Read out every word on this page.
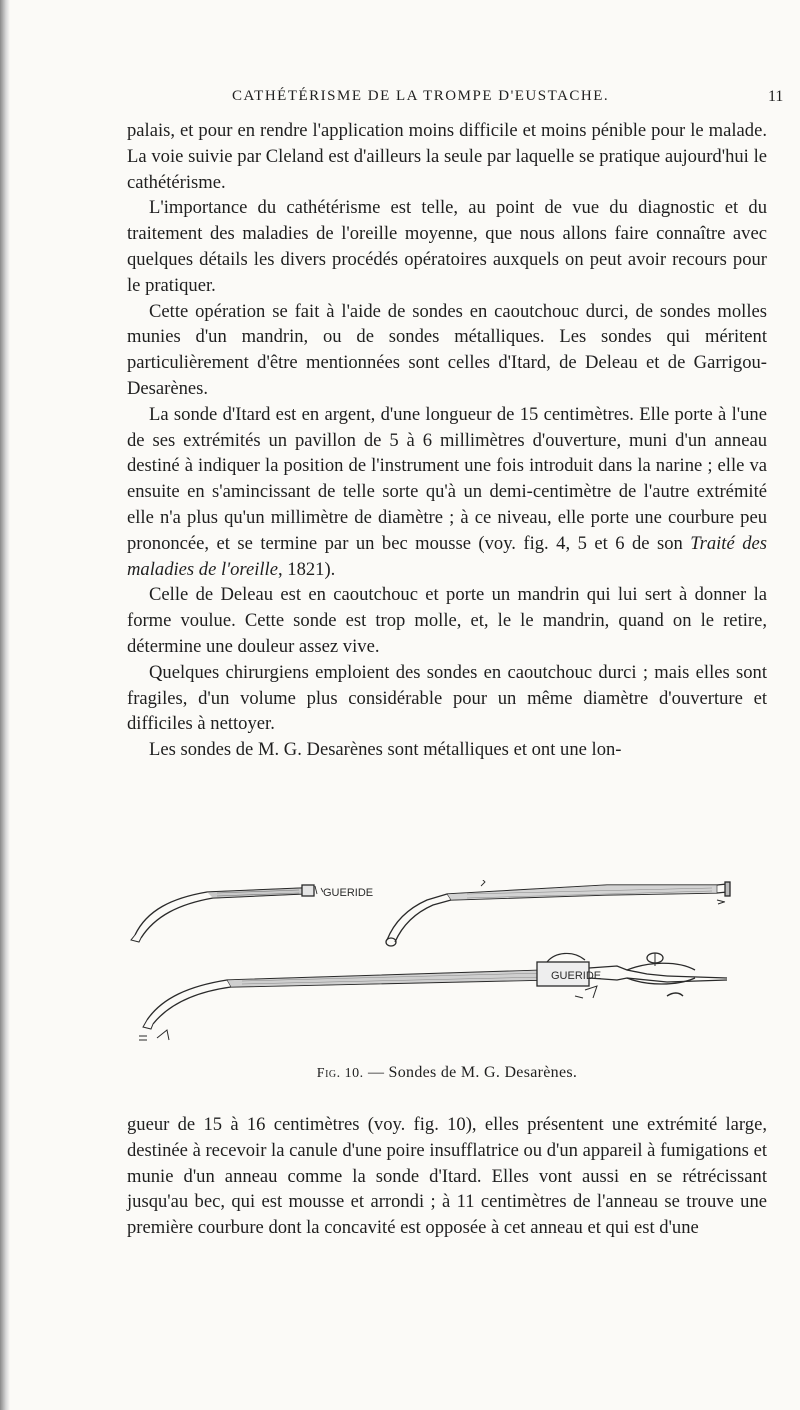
CATHÉTÉRISME DE LA TROMPE D'EUSTACHE.	11

palais, et pour en rendre l'application moins difficile et moins pénible pour le malade. La voie suivie par Cleland est d'ailleurs la seule par laquelle se pratique aujourd'hui le cathétérisme.

L'importance du cathétérisme est telle, au point de vue du diagnostic et du traitement des maladies de l'oreille moyenne, que nous allons faire connaître avec quelques détails les divers procédés opératoires auxquels on peut avoir recours pour le pratiquer.

Cette opération se fait à l'aide de sondes en caoutchouc durci, de sondes molles munies d'un mandrin, ou de sondes métalliques. Les sondes qui méritent particulièrement d'être mentionnées sont celles d'Itard, de Deleau et de Garrigou-Desarènes.

La sonde d'Itard est en argent, d'une longueur de 15 centimètres. Elle porte à l'une de ses extrémités un pavillon de 5 à 6 millimètres d'ouverture, muni d'un anneau destiné à indiquer la position de l'instrument une fois introduit dans la narine ; elle va ensuite en s'amincissant de telle sorte qu'à un demi-centimètre de l'autre extrémité elle n'a plus qu'un millimètre de diamètre ; à ce niveau, elle porte une courbure peu prononcée, et se termine par un bec mousse (voy. fig. 4, 5 et 6 de son Traité des maladies de l'oreille, 1821).

Celle de Deleau est en caoutchouc et porte un mandrin qui lui sert à donner la forme voulue. Cette sonde est trop molle, et, le le mandrin, quand on le retire, détermine une douleur assez vive.

Quelques chirurgiens emploient des sondes en caoutchouc durci ; mais elles sont fragiles, d'un volume plus considérable pour un même diamètre d'ouverture et difficiles à nettoyer.

Les sondes de M. G. Desarènes sont métalliques et ont une lon-

GUERIDE
GUERIDE
Fig. 10. — Sondes de M. G. Desarènes.

gueur de 15 à 16 centimètres (voy. fig. 10), elles présentent une extrémité large, destinée à recevoir la canule d'une poire insufflatrice ou d'un appareil à fumigations et munie d'un anneau comme la sonde d'Itard. Elles vont aussi en se rétrécissant jusqu'au bec, qui est mousse et arrondi ; à 11 centimètres de l'anneau se trouve une première courbure dont la concavité est opposée à cet anneau et qui est d'une
